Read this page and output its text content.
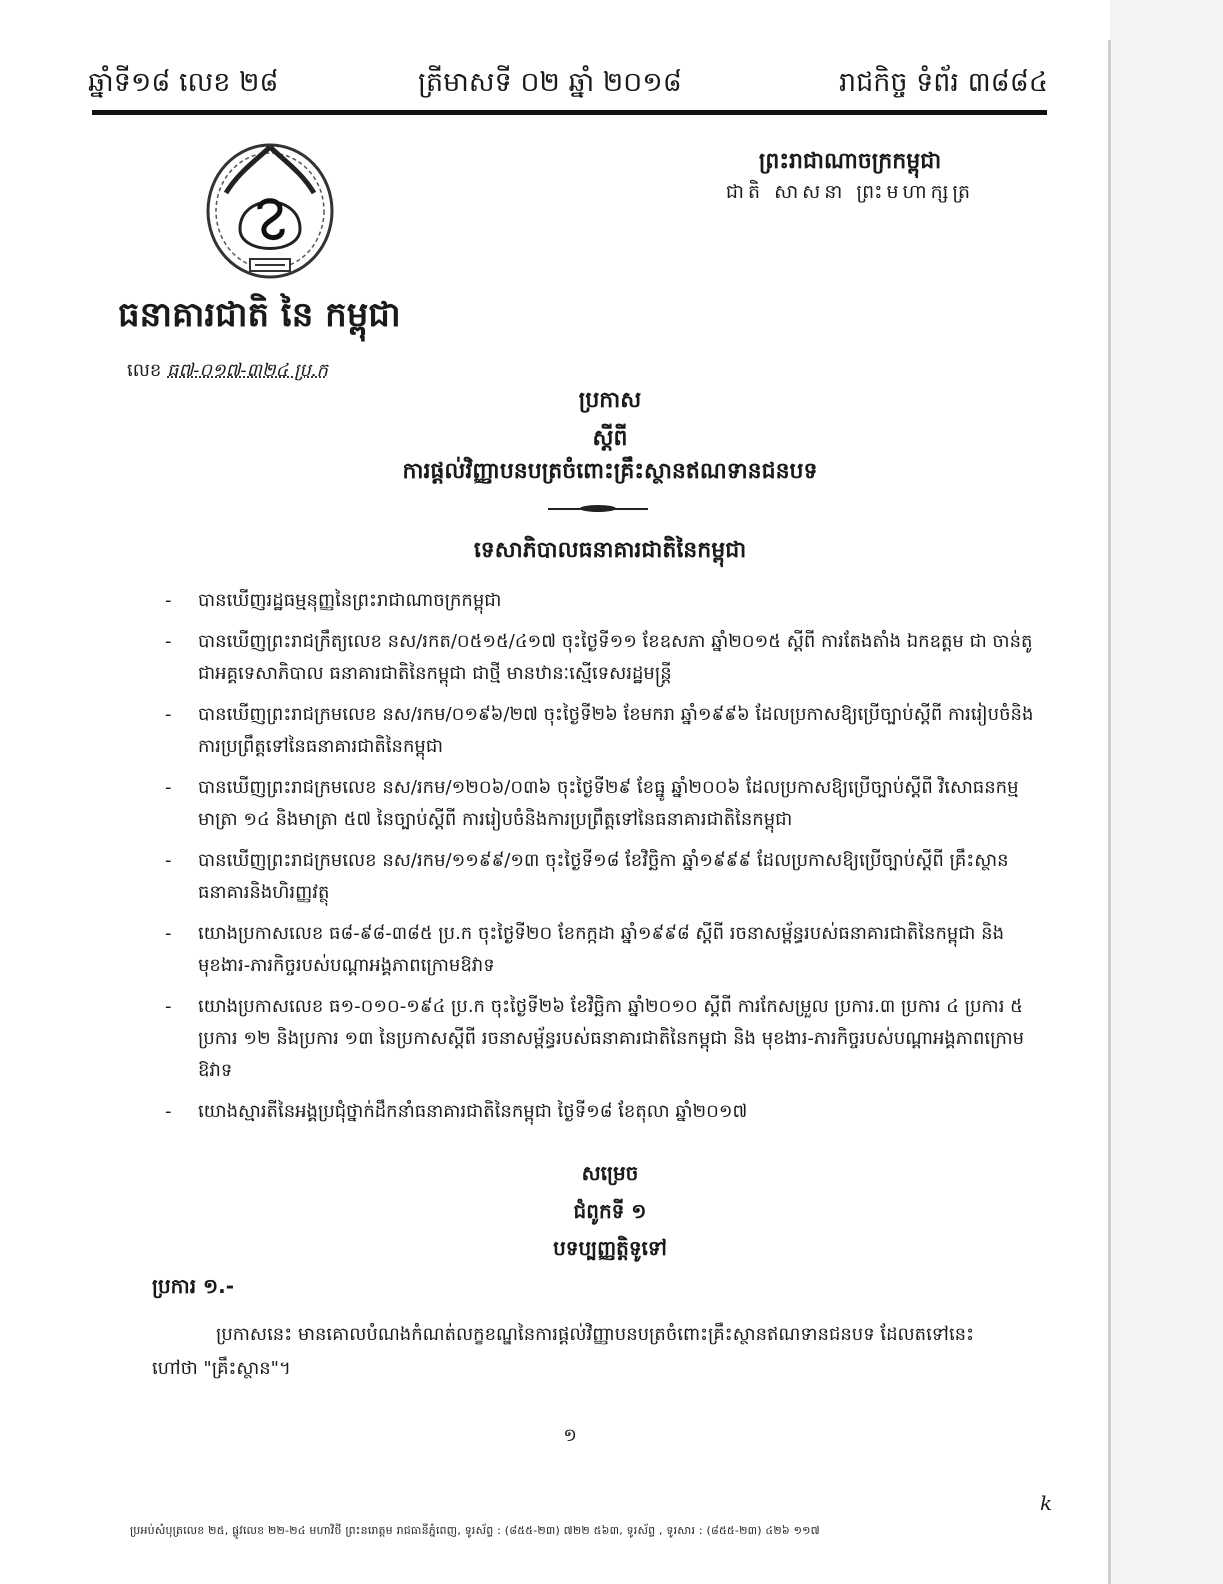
ឆ្នាំទី១៨ លេខ ២៨	ត្រីមាសទី ០២ ឆ្នាំ ២០១៨	រាជកិច្ច ទំព័រ ៣៨៨៤
ព្រះរាជាណាចក្រកម្ពុជា
ជាតិ សាសនា ព្រះមហាក្សត្រ
ធនាគារជាតិ នៃ កម្ពុជា
លេខ ធ៧-០១៧-៣២៤ ប្រ.ក
ប្រកាស
ស្តីពី
ការផ្តល់វិញ្ញាបនបត្រចំពោះគ្រឹះស្ថានឥណទានជនបទ
ទេសាភិបាលធនាគារជាតិនៃកម្ពុជា
- បានឃើញរដ្ឋធម្មនុញ្ញនៃព្រះរាជាណាចក្រកម្ពុជា
- បានឃើញព្រះរាជក្រឹត្យលេខ នស/រកត/០៥១៥/៤១៧ ចុះថ្ងៃទី១១ ខែឧសភា ឆ្នាំ២០១៥ ស្តីពី ការតែងតាំង ឯកឧត្តម ជា ចាន់តូ ជាអគ្គទេសាភិបាល ធនាគារជាតិនៃកម្ពុជា ជាថ្មី មានឋានៈស្មើទេសរដ្ឋមន្ត្រី
- បានឃើញព្រះរាជក្រមលេខ នស/រកម/០១៩៦/២៧ ចុះថ្ងៃទី២៦ ខែមករា ឆ្នាំ១៩៩៦ ដែលប្រកាសឱ្យប្រើច្បាប់ស្តីពី ការរៀបចំនិងការប្រព្រឹត្តទៅនៃធនាគារជាតិនៃកម្ពុជា
- បានឃើញព្រះរាជក្រមលេខ នស/រកម/១២០៦/០៣៦ ចុះថ្ងៃទី២៩ ខែធ្នូ ឆ្នាំ២០០៦ ដែលប្រកាសឱ្យប្រើច្បាប់ស្តីពី វិសោធនកម្មមាត្រា ១៤ និងមាត្រា ៥៧ នៃច្បាប់ស្តីពី ការរៀបចំនិងការប្រព្រឹត្តទៅនៃធនាគារជាតិនៃកម្ពុជា
- បានឃើញព្រះរាជក្រមលេខ នស/រកម/១១៩៩/១៣ ចុះថ្ងៃទី១៨ ខែវិច្ឆិកា ឆ្នាំ១៩៩៩ ដែលប្រកាសឱ្យប្រើច្បាប់ស្តីពី គ្រឹះស្ថានធនាគារនិងហិរញ្ញវត្ថុ
- យោងប្រកាសលេខ ធ៨-៩៨-៣៨៥ ប្រ.ក ចុះថ្ងៃទី២០ ខែកក្កដា ឆ្នាំ១៩៩៨ ស្តីពី រចនាសម្ព័ន្ធរបស់ធនាគារជាតិនៃកម្ពុជា និងមុខងារ-ភារកិច្ចរបស់បណ្តាអង្គភាពក្រោមឱវាទ
- យោងប្រកាសលេខ ធ១-០១០-១៩៤ ប្រ.ក ចុះថ្ងៃទី២៦ ខែវិច្ឆិកា ឆ្នាំ២០១០ ស្តីពី ការកែសម្រួល ប្រការ.៣ ប្រការ ៤ ប្រការ ៥ ប្រការ ១២ និងប្រការ ១៣ នៃប្រកាសស្តីពី រចនាសម្ព័ន្ធរបស់ធនាគារជាតិនៃកម្ពុជា និង មុខងារ-ភារកិច្ចរបស់បណ្តាអង្គភាពក្រោមឱវាទ
- យោងស្មារតីនៃអង្គប្រជុំថ្នាក់ដឹកនាំធនាគារជាតិនៃកម្ពុជា ថ្ងៃទី១៨ ខែតុលា ឆ្នាំ២០១៧
សម្រេច
ជំពូកទី ១
បទប្បញ្ញត្តិទូទៅ
ប្រការ ១.-
ប្រកាសនេះ មានគោលបំណងកំណត់លក្ខខណ្ឌនៃការផ្តល់វិញ្ញាបនបត្រចំពោះគ្រឹះស្ថានឥណទានជនបទ ដែលតទៅនេះហៅថា "គ្រឹះស្ថាន"។
១
k
ប្រអប់សំបុត្រលេខ ២៥, ផ្លូវលេខ ២២-២៤ មហាវិថី ព្រះនរោត្តម រាជធានីភ្នំពេញ, ទូរស័ព្ទ : (៨៥៥-២៣) ៧២២ ៥៦៣, ទូរស័ព្ទ , ទូរសារ : (៨៥៥-២៣) ៤២៦ ១១៧
